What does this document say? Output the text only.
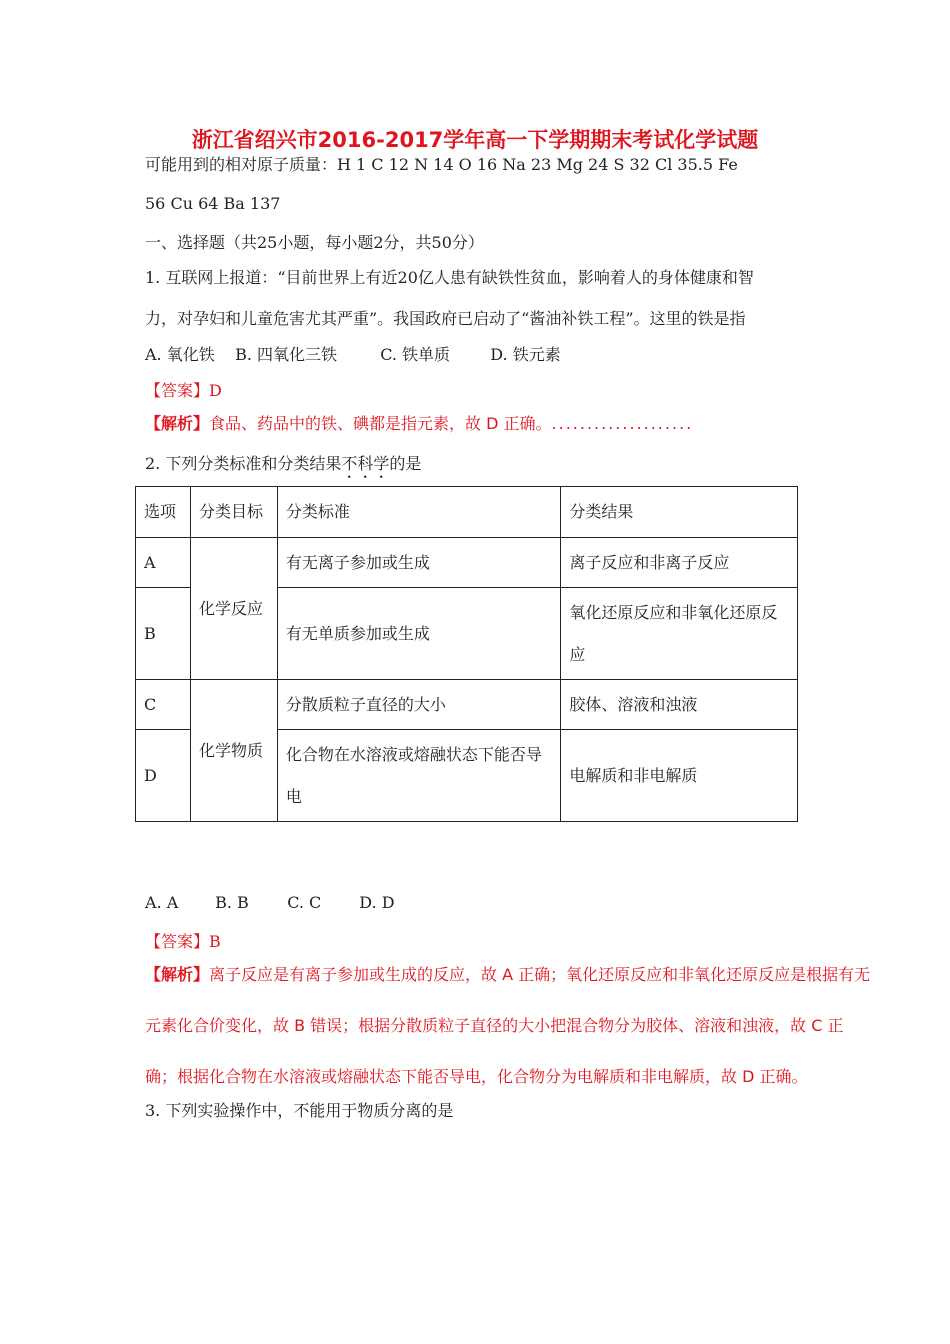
浙江省绍兴市2016-2017学年高一下学期期末考试化学试题
可能用到的相对原子质量：H 1 C 12 N 14 O 16 Na 23 Mg 24 S 32 Cl 35.5 Fe
56 Cu 64 Ba 137
一、选择题（共25小题，每小题2分，共50分）
1. 互联网上报道：“目前世界上有近20亿人患有缺铁性贫血，影响着人的身体健康和智
力，对孕妇和儿童危害尤其严重”。我国政府已启动了“酱油补铁工程”。这里的铁是指
A. 氧化铁 B. 四氧化三铁	C. 铁单质	D. 铁元素
【答案】D
【解析】食品、药品中的铁、碘都是指元素，故 D 正确。....................
2. 下列分类标准和分类结果不科学的是
选项	分类目标	分类标准	分类结果
A	化学反应	有无离子参加或生成	离子反应和非离子反应
B		有无单质参加或生成	氧化还原反应和非氧化还原反应
C	化学物质	分散质粒子直径的大小	胶体、溶液和浊液
D		化合物在水溶液或熔融状态下能否导电	电解质和非电解质
A. A B. B C. C D. D
【答案】B
【解析】离子反应是有离子参加或生成的反应，故 A 正确；氧化还原反应和非氧化还原反应是根据有无
元素化合价变化，故 B 错误；根据分散质粒子直径的大小把混合物分为胶体、溶液和浊液，故 C 正
确；根据化合物在水溶液或熔融状态下能否导电，化合物分为电解质和非电解质，故 D 正确。
3. 下列实验操作中，不能用于物质分离的是
